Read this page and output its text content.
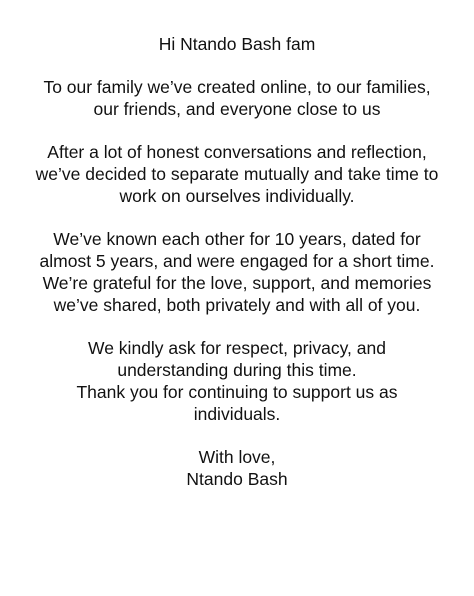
Hi Ntando Bash fam

To our family we’ve created online, to our families,
our friends, and everyone close to us

After a lot of honest conversations and reflection,
we’ve decided to separate mutually and take time to
work on ourselves individually.

We’ve known each other for 10 years, dated for
almost 5 years, and were engaged for a short time.
We’re grateful for the love, support, and memories
we’ve shared, both privately and with all of you.

We kindly ask for respect, privacy, and
understanding during this time.
Thank you for continuing to support us as
individuals.

With love,
Ntando Bash
